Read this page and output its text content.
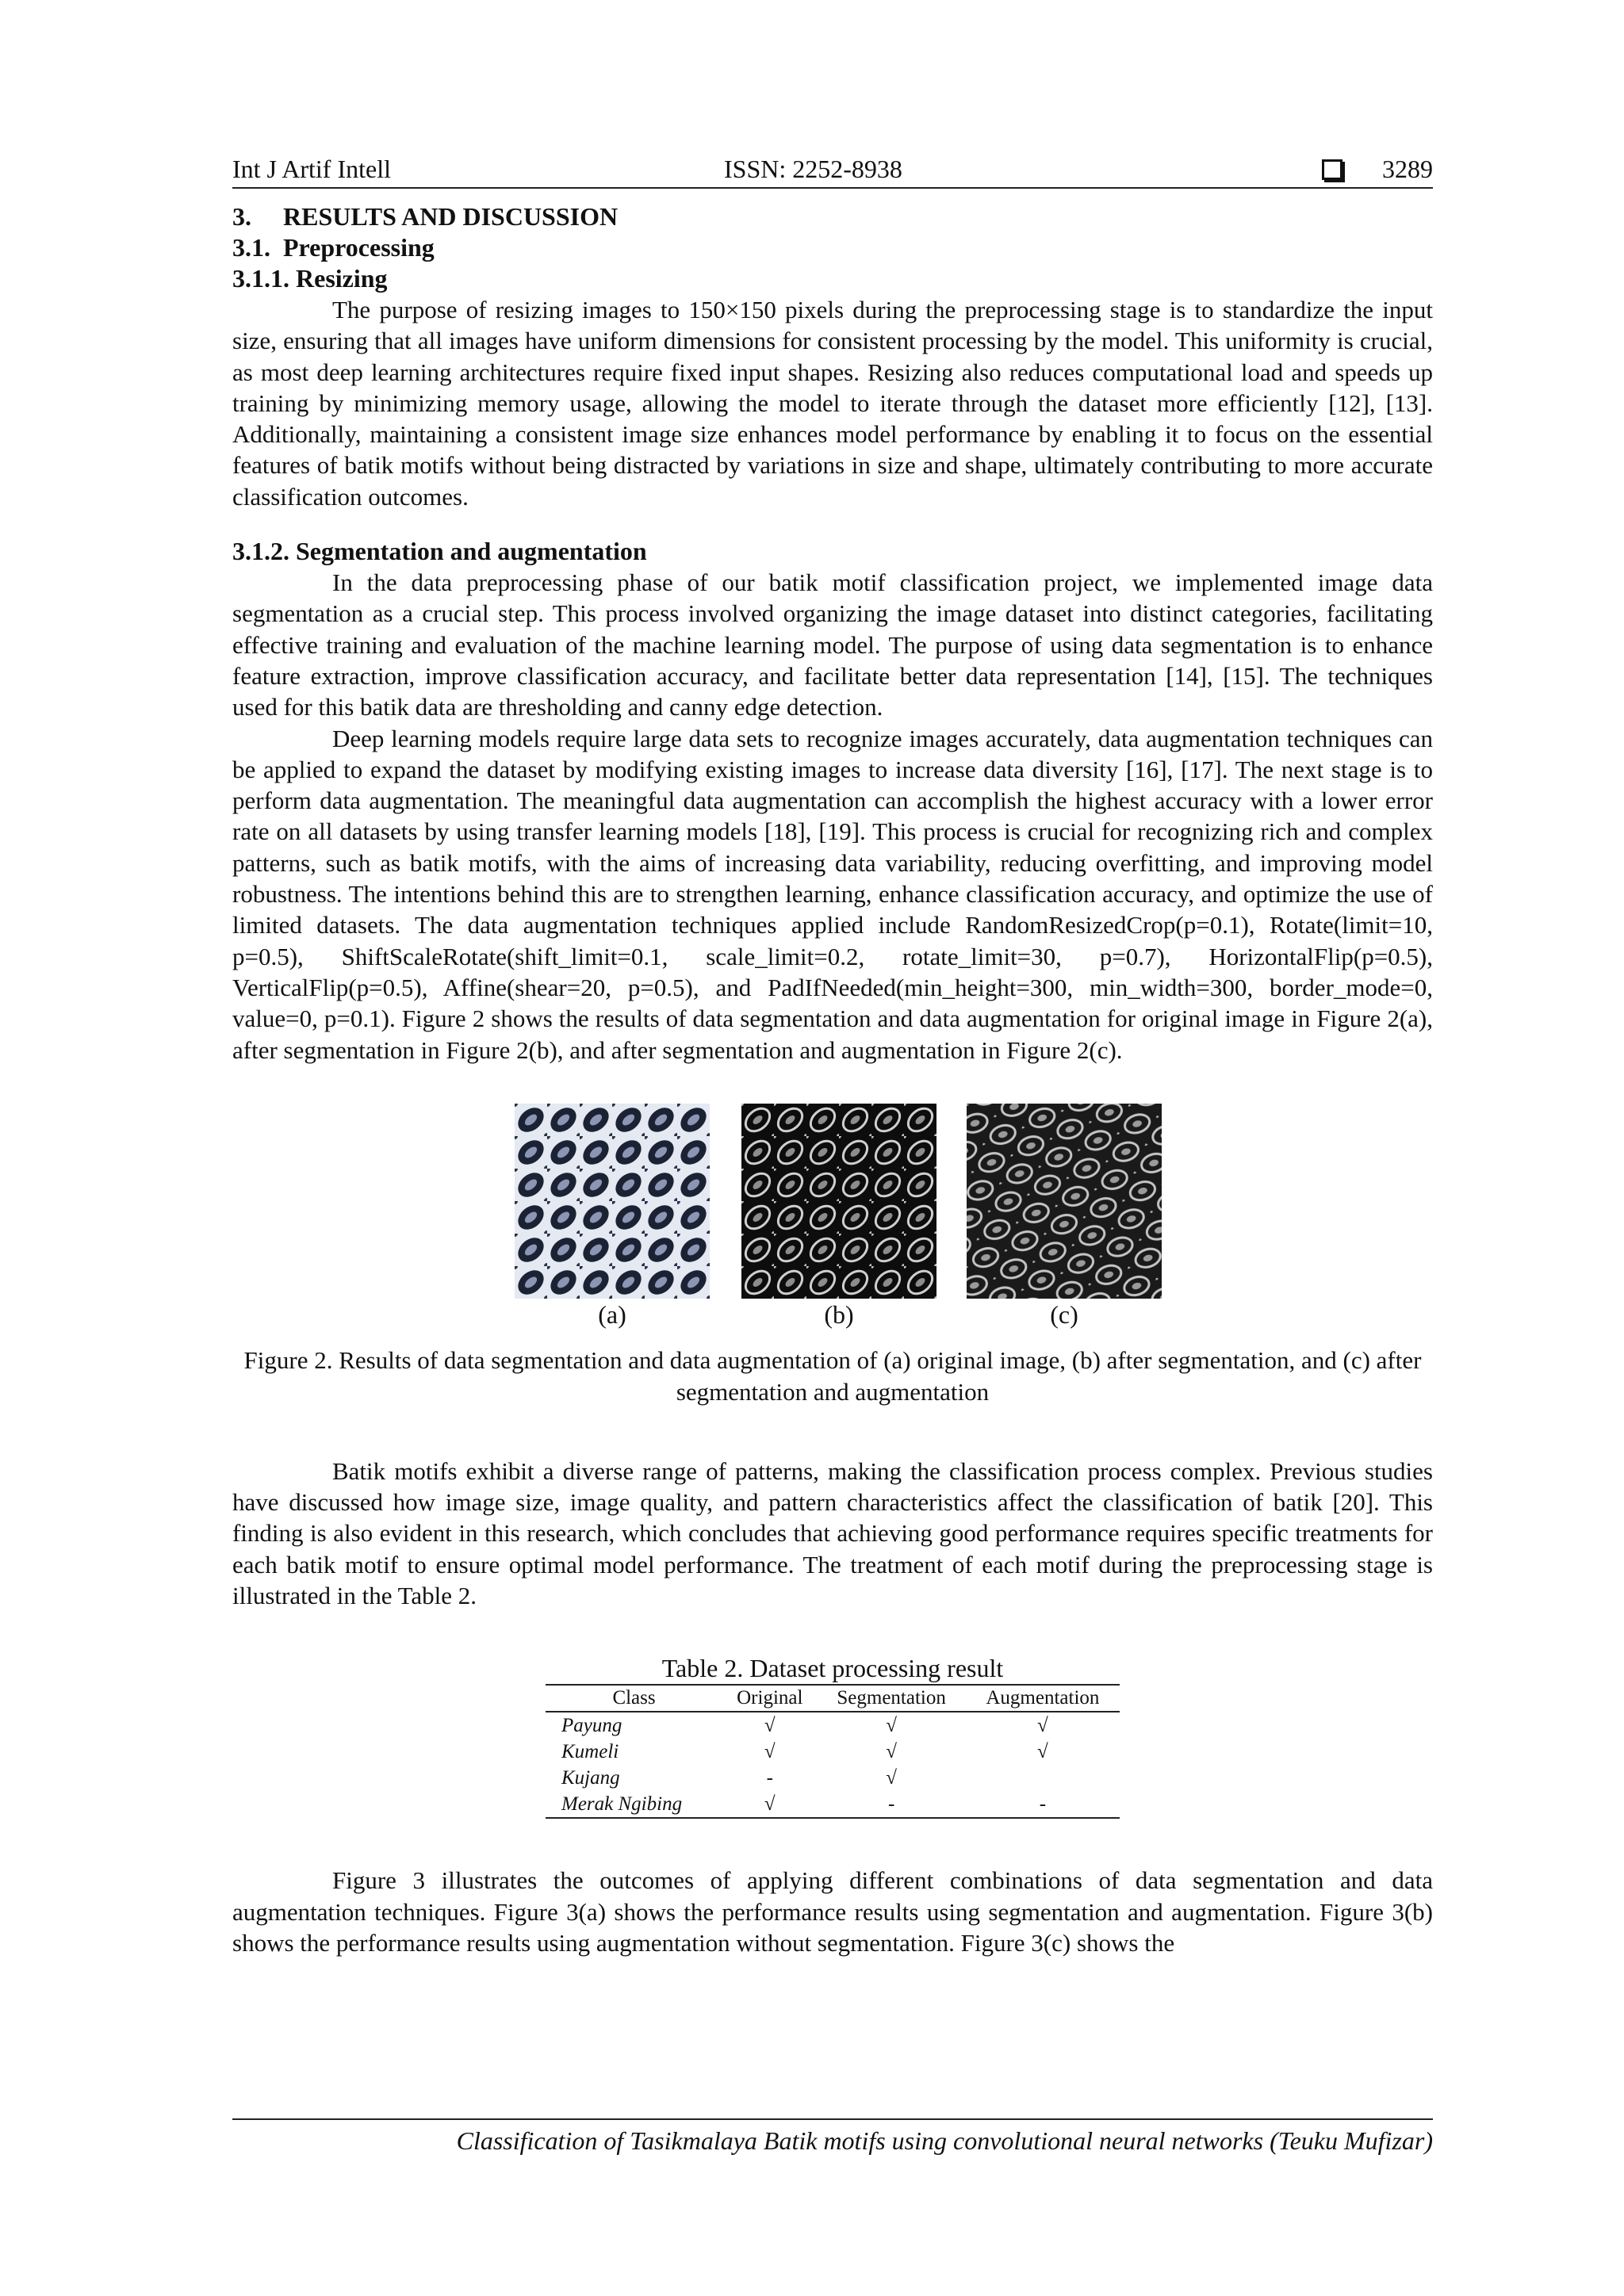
Int J Artif Intell	ISSN: 2252-8938	3289

3.     RESULTS AND DISCUSSION

3.1.  Preprocessing

3.1.1. Resizing

The purpose of resizing images to 150×150 pixels during the preprocessing stage is to standardize the input size, ensuring that all images have uniform dimensions for consistent processing by the model. This uniformity is crucial, as most deep learning architectures require fixed input shapes. Resizing also reduces computational load and speeds up training by minimizing memory usage, allowing the model to iterate through the dataset more efficiently [12], [13]. Additionally, maintaining a consistent image size enhances model performance by enabling it to focus on the essential features of batik motifs without being distracted by variations in size and shape, ultimately contributing to more accurate classification outcomes.

3.1.2. Segmentation and augmentation

In the data preprocessing phase of our batik motif classification project, we implemented image data segmentation as a crucial step. This process involved organizing the image dataset into distinct categories, facilitating effective training and evaluation of the machine learning model. The purpose of using data segmentation is to enhance feature extraction, improve classification accuracy, and facilitate better data representation [14], [15]. The techniques used for this batik data are thresholding and canny edge detection.

Deep learning models require large data sets to recognize images accurately, data augmentation techniques can be applied to expand the dataset by modifying existing images to increase data diversity [16], [17]. The next stage is to perform data augmentation. The meaningful data augmentation can accomplish the highest accuracy with a lower error rate on all datasets by using transfer learning models [18], [19]. This process is crucial for recognizing rich and complex patterns, such as batik motifs, with the aims of increasing data variability, reducing overfitting, and improving model robustness. The intentions behind this are to strengthen learning, enhance classification accuracy, and optimize the use of limited datasets. The data augmentation techniques applied include RandomResizedCrop(p=0.1), Rotate(limit=10, p=0.5), ShiftScaleRotate(shift_limit=0.1, scale_limit=0.2, rotate_limit=30, p=0.7), HorizontalFlip(p=0.5), VerticalFlip(p=0.5), Affine(shear=20, p=0.5), and PadIfNeeded(min_height=300, min_width=300, border_mode=0, value=0, p=0.1). Figure 2 shows the results of data segmentation and data augmentation for original image in Figure 2(a), after segmentation in Figure 2(b), and after segmentation and augmentation in Figure 2(c).

(a)	(b)	(c)

Figure 2. Results of data segmentation and data augmentation of (a) original image, (b) after segmentation, and (c) after segmentation and augmentation

Batik motifs exhibit a diverse range of patterns, making the classification process complex. Previous studies have discussed how image size, image quality, and pattern characteristics affect the classification of batik [20]. This finding is also evident in this research, which concludes that achieving good performance requires specific treatments for each batik motif to ensure optimal model performance. The treatment of each motif during the preprocessing stage is illustrated in the Table 2.

Table 2. Dataset processing result

Class	Original	Segmentation	Augmentation
Payung	√	√	√
Kumeli	√	√	√
Kujang	-	√	
Merak Ngibing	√	-	-

Figure 3 illustrates the outcomes of applying different combinations of data segmentation and data augmentation techniques. Figure 3(a) shows the performance results using segmentation and augmentation. Figure 3(b) shows the performance results using augmentation without segmentation. Figure 3(c) shows the

Classification of Tasikmalaya Batik motifs using convolutional neural networks (Teuku Mufizar)
